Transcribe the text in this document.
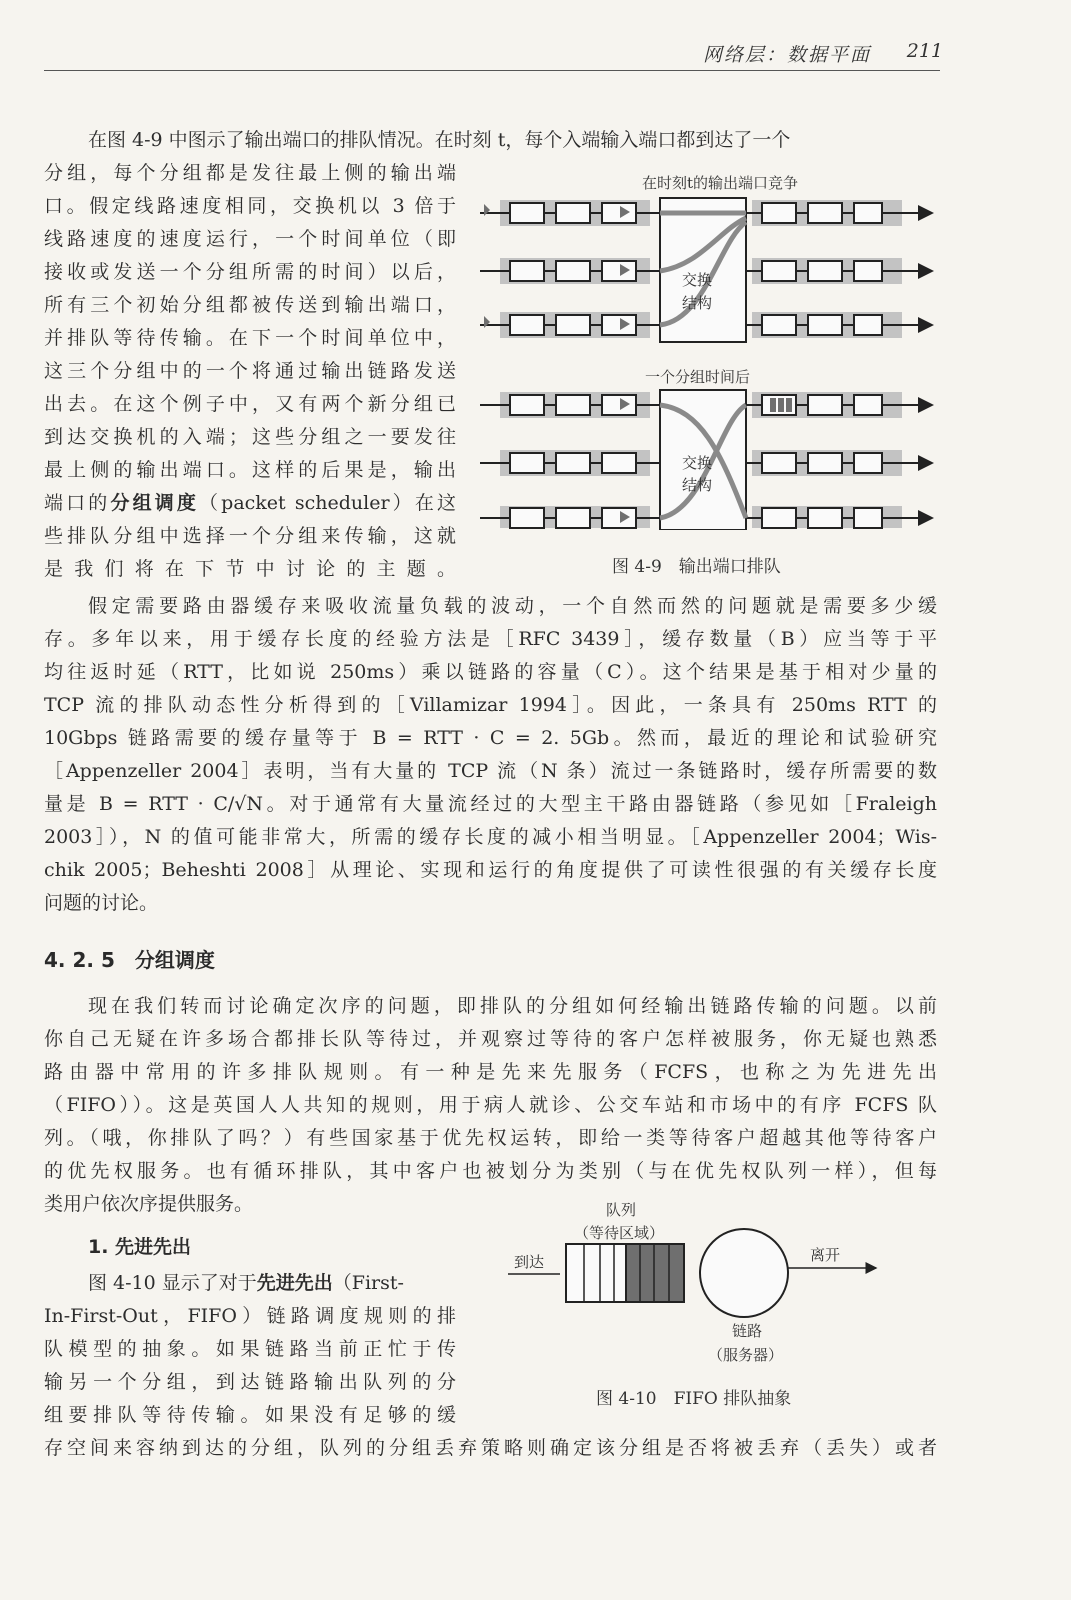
网络层：数据平面 211
在图 4-9 中图示了输出端口的排队情况。在时刻 t，每个入端输入端口都到达了一个
分组，每个分组都是发往最上侧的输出端
口。假定线路速度相同，交换机以 3 倍于
线路速度的速度运行，一个时间单位（即
接收或发送一个分组所需的时间）以后，
所有三个初始分组都被传送到输出端口，
并排队等待传输。在下一个时间单位中，
这三个分组中的一个将通过输出链路发送
出去。在这个例子中，又有两个新分组已
到达交换机的入端；这些分组之一要发往
最上侧的输出端口。这样的后果是，输出
端口的分组调度（packet scheduler）在这
些排队分组中选择一个分组来传输，这就
是我们将在下节中讨论的主题。
在时刻t的输出端口竞争
交换
结构
一个分组时间后
交换
结构
图 4-9　 输出端口排队
假定需要路由器缓存来吸收流量负载的波动，一个自然而然的问题就是需要多少缓
存。多年以来，用于缓存长度的经验方法是［RFC 3439］，缓存数量（B）应当等于平
均往返时延（RTT，比如说 250ms）乘以链路的容量（C）。这个结果是基于相对少量的
TCP 流的排队动态性分析得到的［Villamizar 1994］。因此，一条具有 250ms RTT 的
10Gbps 链路需要的缓存量等于 B = RTT · C = 2. 5Gb。然而，最近的理论和试验研究
［Appenzeller 2004］表明，当有大量的 TCP 流（N 条）流过一条链路时，缓存所需要的数
量是 B = RTT · C/√N。对于通常有大量流经过的大型主干路由器链路（参见如［Fraleigh
2003］），N 的值可能非常大，所需的缓存长度的减小相当明显。［Appenzeller 2004；Wis-
chik 2005；Beheshti 2008］从理论、实现和运行的角度提供了可读性很强的有关缓存长度
问题的讨论。
4. 2. 5　分组调度
现在我们转而讨论确定次序的问题，即排队的分组如何经输出链路传输的问题。以前
你自己无疑在许多场合都排长队等待过，并观察过等待的客户怎样被服务，你无疑也熟悉
路由器中常用的许多排队规则。有一种是先来先服务（FCFS，也称之为先进先出
（FIFO））。这是英国人人共知的规则，用于病人就诊、公交车站和市场中的有序 FCFS 队
列。（哦，你排队了吗？）有些国家基于优先权运转，即给一类等待客户超越其他等待客户
的优先权服务。也有循环排队，其中客户也被划分为类别（与在优先权队列一样），但每
类用户依次序提供服务。
1. 先进先出
图 4-10 显示了对于先进先出（First-
In-First-Out，FIFO）链路调度规则的排
队模型的抽象。如果链路当前正忙于传
输另一个分组，到达链路输出队列的分
组要排队等待传输。如果没有足够的缓
存空间来容纳到达的分组，队列的分组丢弃策略则确定该分组是否将被丢弃（丢失）或者
队列
（等待区域）
到达	离开
链路
（服务器）
图 4-10　 FIFO 排队抽象
